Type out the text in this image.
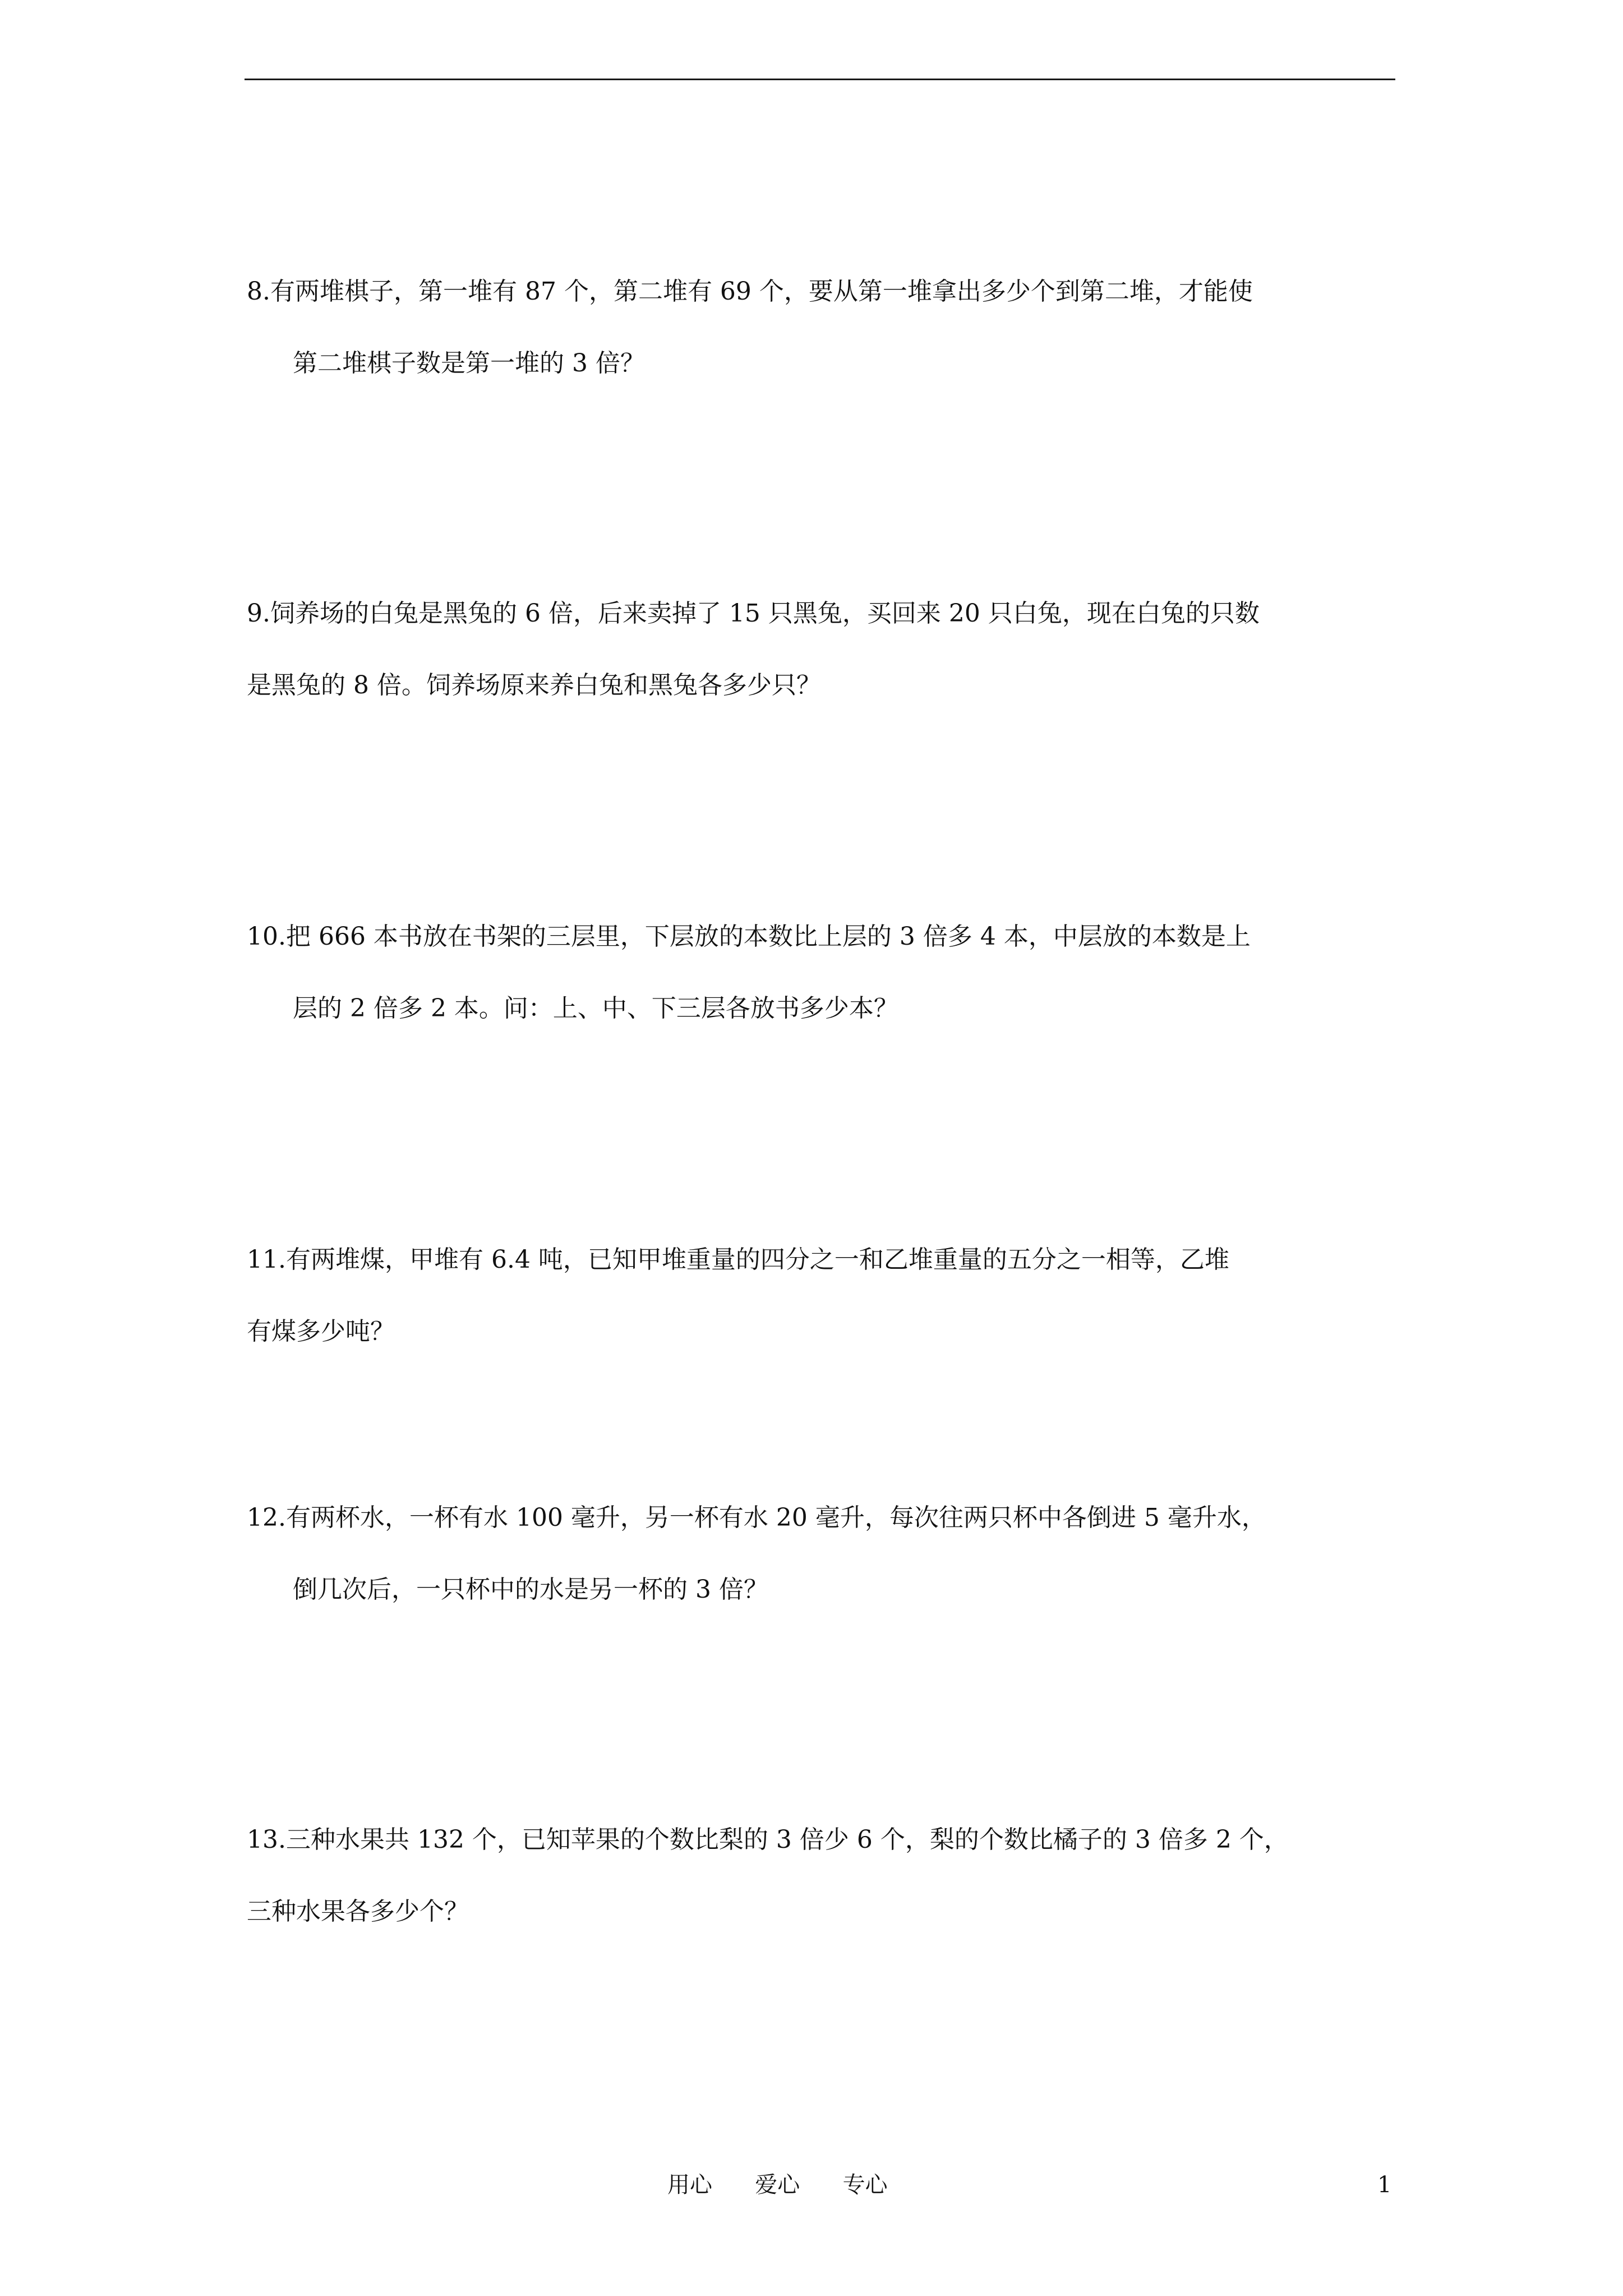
8.有两堆棋子，第一堆有 87 个，第二堆有 69 个，要从第一堆拿出多少个到第二堆，才能使
第二堆棋子数是第一堆的 3 倍？
9.饲养场的白兔是黑兔的 6 倍，后来卖掉了 15 只黑兔，买回来 20 只白兔，现在白兔的只数
是黑兔的 8 倍。饲养场原来养白兔和黑兔各多少只？
10.把 666 本书放在书架的三层里，下层放的本数比上层的 3 倍多 4 本，中层放的本数是上
层的 2 倍多 2 本。问：上、中、下三层各放书多少本？
11.有两堆煤，甲堆有 6.4 吨，已知甲堆重量的四分之一和乙堆重量的五分之一相等，乙堆
有煤多少吨？
12.有两杯水，一杯有水 100 毫升，另一杯有水 20 毫升，每次往两只杯中各倒进 5 毫升水，
倒几次后，一只杯中的水是另一杯的 3 倍？
13.三种水果共 132 个，已知苹果的个数比梨的 3 倍少 6 个，梨的个数比橘子的 3 倍多 2 个，
三种水果各多少个？
用心      爱心      专心	1
